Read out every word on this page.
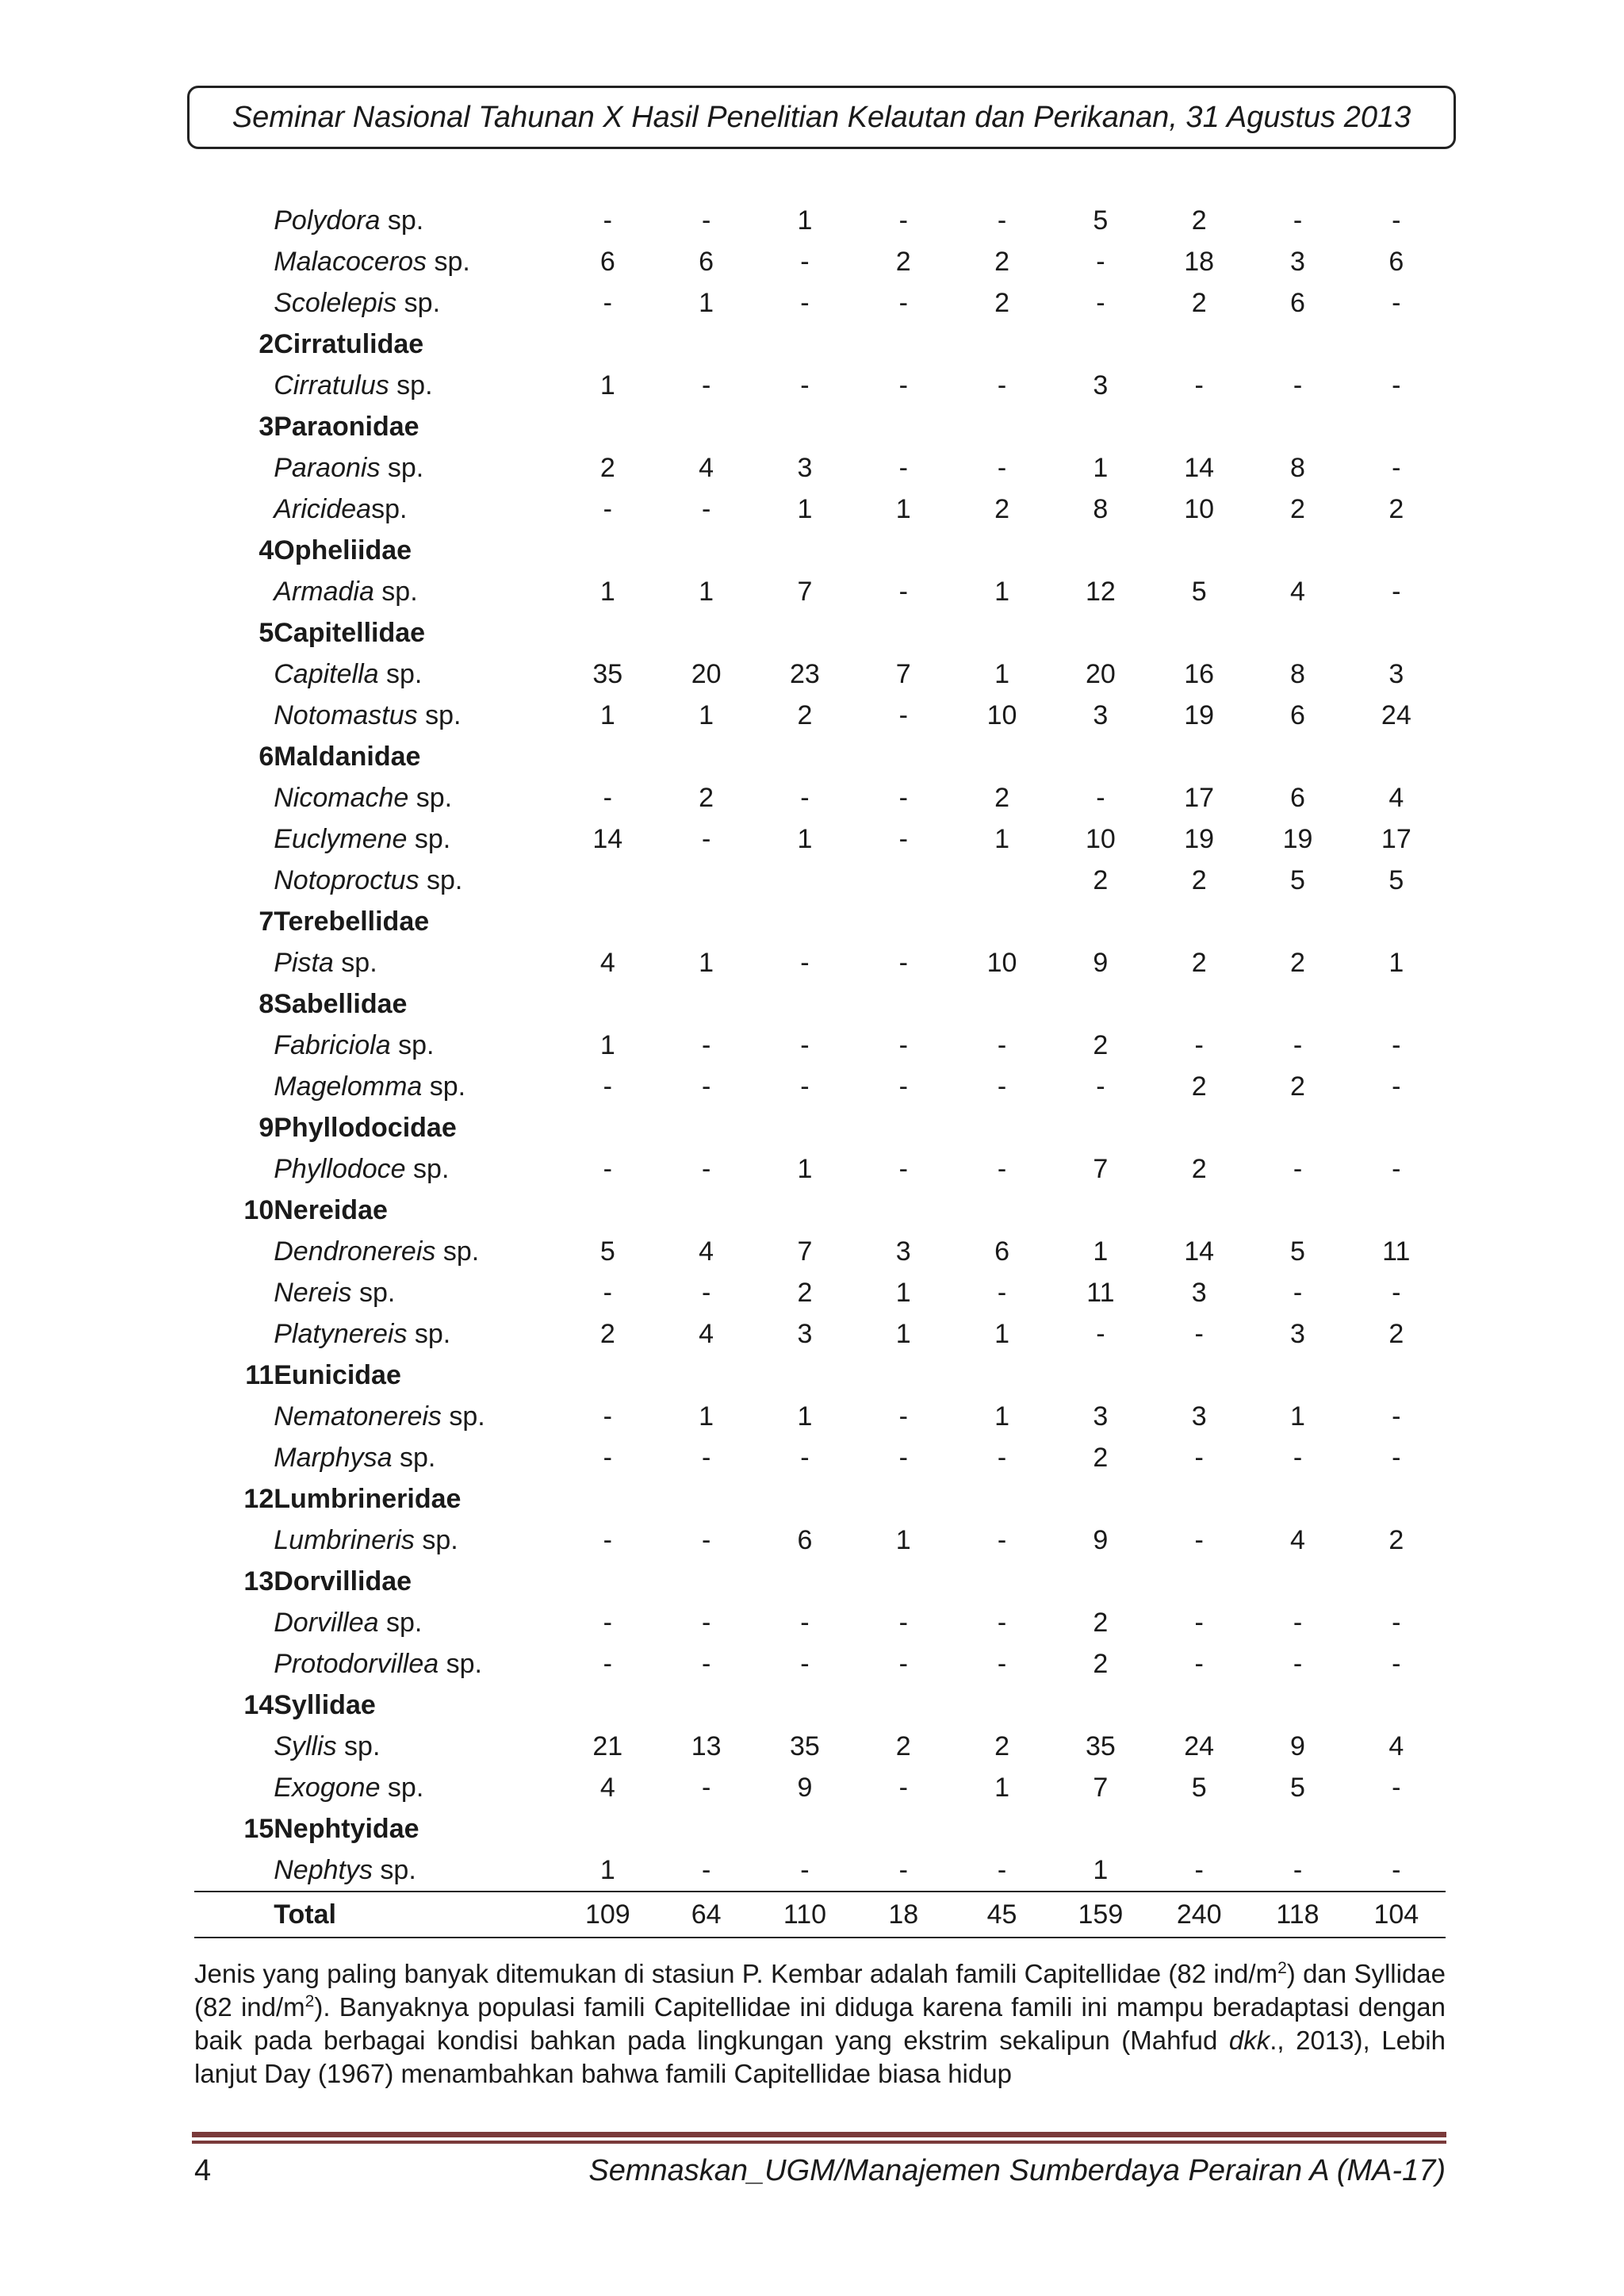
Seminar Nasional Tahunan X Hasil Penelitian Kelautan dan Perikanan, 31 Agustus 2013
	Polydora sp.	-	-	1	-	-	5	2	-	-
	Malacoceros sp.	6	6	-	2	2	-	18	3	6
	Scolelepis sp.	-	1	-	-	2	-	2	6	-
2	Cirratulidae									
	Cirratulus sp.	1	-	-	-	-	3	-	-	-
3	Paraonidae									
	Paraonis sp.	2	4	3	-	-	1	14	8	-
	Aricideasp.	-	-	1	1	2	8	10	2	2
4	Opheliidae									
	Armadia sp.	1	1	7	-	1	12	5	4	-
5	Capitellidae									
	Capitella sp.	35	20	23	7	1	20	16	8	3
	Notomastus sp.	1	1	2	-	10	3	19	6	24
6	Maldanidae									
	Nicomache sp.	-	2	-	-	2	-	17	6	4
	Euclymene sp.	14	-	1	-	1	10	19	19	17
	Notoproctus sp.						2	2	5	5
7	Terebellidae									
	Pista sp.	4	1	-	-	10	9	2	2	1
8	Sabellidae									
	Fabriciola sp.	1	-	-	-	-	2	-	-	-
	Magelomma sp.	-	-	-	-	-	-	2	2	-
9	Phyllodocidae									
	Phyllodoce sp.	-	-	1	-	-	7	2	-	-
10	Nereidae									
	Dendronereis sp.	5	4	7	3	6	1	14	5	11
	Nereis sp.	-	-	2	1	-	11	3	-	-
	Platynereis sp.	2	4	3	1	1	-	-	3	2
11	Eunicidae									
	Nematonereis sp.	-	1	1	-	1	3	3	1	-
	Marphysa sp.	-	-	-	-	-	2	-	-	-
12	Lumbrineridae									
	Lumbrineris sp.	-	-	6	1	-	9	-	4	2
13	Dorvillidae									
	Dorvillea sp.	-	-	-	-	-	2	-	-	-
	Protodorvillea sp.	-	-	-	-	-	2	-	-	-
14	Syllidae									
	Syllis sp.	21	13	35	2	2	35	24	9	4
	Exogone sp.	4	-	9	-	1	7	5	5	-
15	Nephtyidae									
	Nephtys sp.	1	-	-	-	-	1	-	-	-
	Total	109	64	110	18	45	159	240	118	104
Jenis yang paling banyak ditemukan di stasiun P. Kembar adalah famili Capitellidae (82 ind/$m^2$) dan Syllidae (82 ind/$m^2$). Banyaknya populasi famili Capitellidae ini diduga karena famili ini mampu beradaptasi dengan baik pada berbagai kondisi bahkan pada lingkungan yang ekstrim sekalipun (Mahfud dkk., 2013), Lebih lanjut Day (1967) menambahkan bahwa famili Capitellidae biasa hidup
4	Semnaskan_UGM/Manajemen Sumberdaya Perairan A (MA-17)
